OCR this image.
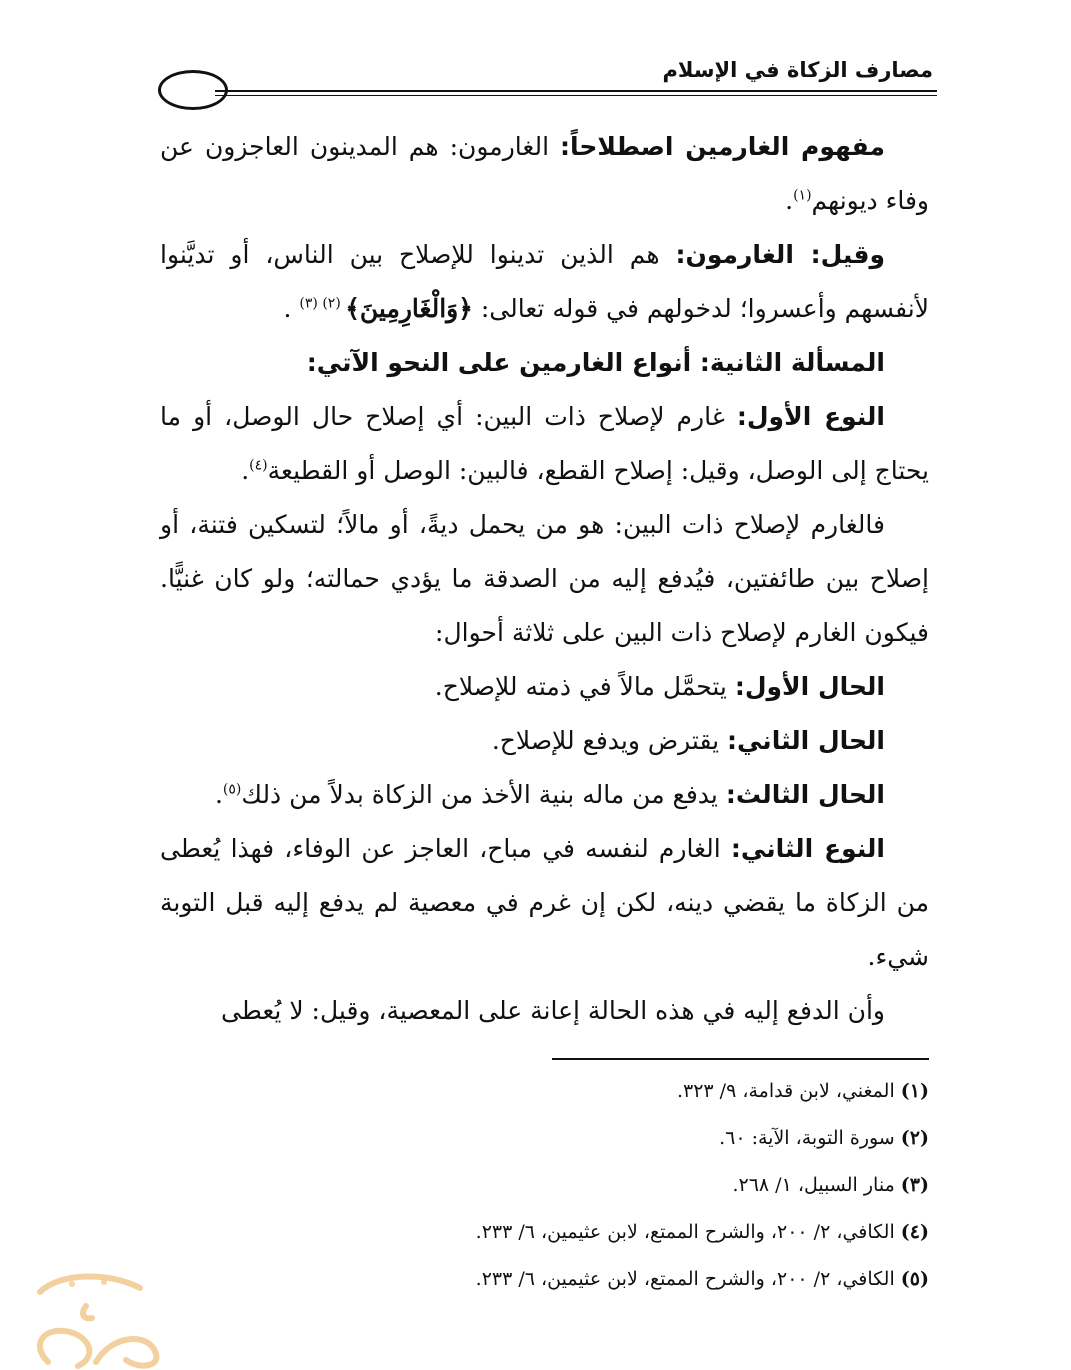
مصارف الزكاة في الإسلام

مفهوم الغارمين اصطلاحاً: الغارمون: هم المدينون العاجزون عن وفاء ديونهم$^{(١)}$.

وقيل: الغارمون: هم الذين تدينوا للإصلاح بين الناس، أو تديَّنوا لأنفسهم وأعسروا؛ لدخولهم في قوله تعالى: ﴿وَالْغَارِمِينَ﴾ $^{(٢) (٣)}$ .

المسألة الثانية: أنواع الغارمين على النحو الآتي:

النوع الأول: غارم لإصلاح ذات البين: أي إصلاح حال الوصل، أو ما يحتاج إلى الوصل، وقيل: إصلاح القطع، فالبين: الوصل أو القطيعة$^{(٤)}$.

فالغارم لإصلاح ذات البين: هو من يحمل ديةً، أو مالاً؛ لتسكين فتنة، أو إصلاح بين طائفتين، فيُدفع إليه من الصدقة ما يؤدي حمالته؛ ولو كان غنيًّا. فيكون الغارم لإصلاح ذات البين على ثلاثة أحوال:

الحال الأول: يتحمَّل مالاً في ذمته للإصلاح.

الحال الثاني: يقترض ويدفع للإصلاح.

الحال الثالث: يدفع من ماله بنية الأخذ من الزكاة بدلاً من ذلك$^{(٥)}$.

النوع الثاني: الغارم لنفسه في مباح، العاجز عن الوفاء، فهذا يُعطى من الزكاة ما يقضي دينه، لكن إن غرم في معصية لم يدفع إليه قبل التوبة شيء.

وأن الدفع إليه في هذه الحالة إعانة على المعصية، وقيل: لا يُعطى

(١) المغني، لابن قدامة، ٩/ ٣٢٣.

(٢) سورة التوبة، الآية: ٦٠.

(٣) منار السبيل، ١/ ٢٦٨.

(٤) الكافي، ٢/ ٢٠٠، والشرح الممتع، لابن عثيمين، ٦/ ٢٣٣.

(٥) الكافي، ٢/ ٢٠٠، والشرح الممتع، لابن عثيمين، ٦/ ٢٣٣.
